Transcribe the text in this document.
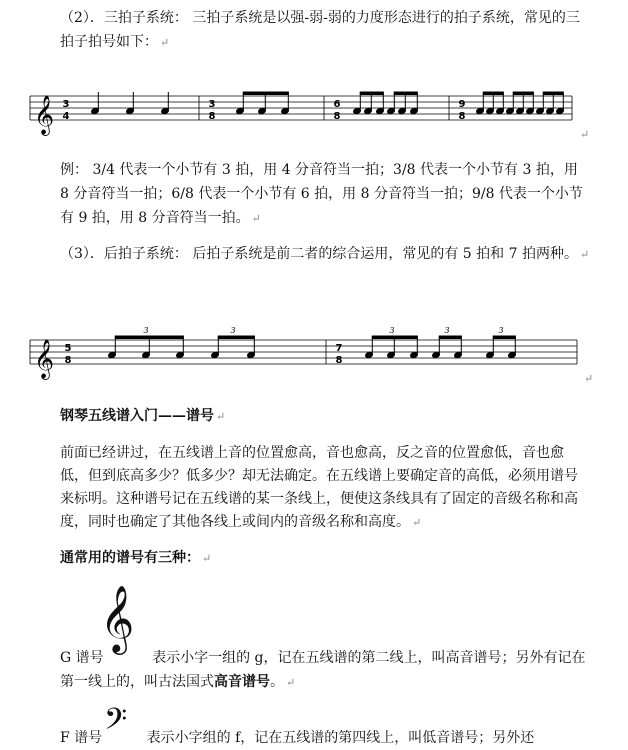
（2）．三拍子系统： 三拍子系统是以强-弱-弱的力度形态进行的拍子系统，常见的三拍子拍号如下： ↵

𝄞 3
4
3
8
6
8
9
8
↵

例： 3/4 代表一个小节有 3 拍，用 4 分音符当一拍；3/8 代表一个小节有 3 拍，用 8 分音符当一拍；6/8 代表一个小节有 6 拍，用 8 分音符当一拍；9/8 代表一个小节有 9 拍，用 8 分音符当一拍。 ↵

（3）．后拍子系统： 后拍子系统是前二者的综合运用，常见的有 5 拍和 7 拍两种。 ↵

𝄞 5
8
7
8
3	3	3	3	3
↵

钢琴五线谱入门——谱号 ↵

前面已经讲过，在五线谱上音的位置愈高，音也愈高，反之音的位置愈低，音也愈低，但到底高多少？低多少？却无法确定。在五线谱上要确定音的高低，必须用谱号来标明。这种谱号记在五线谱的某一条线上，便使这条线具有了固定的音级名称和高度，同时也确定了其他各线上或间内的音级名称和高度。 ↵

通常用的谱号有三种： ↵

𝄞

G 谱号	表示小字一组的 g，记在五线谱的第二线上，叫高音谱号；另外有记在第一线上的，叫古法国式高音谱号。 ↵

𝄢

F 谱号	表示小字组的 f，记在五线谱的第四线上，叫低音谱号；另外还
